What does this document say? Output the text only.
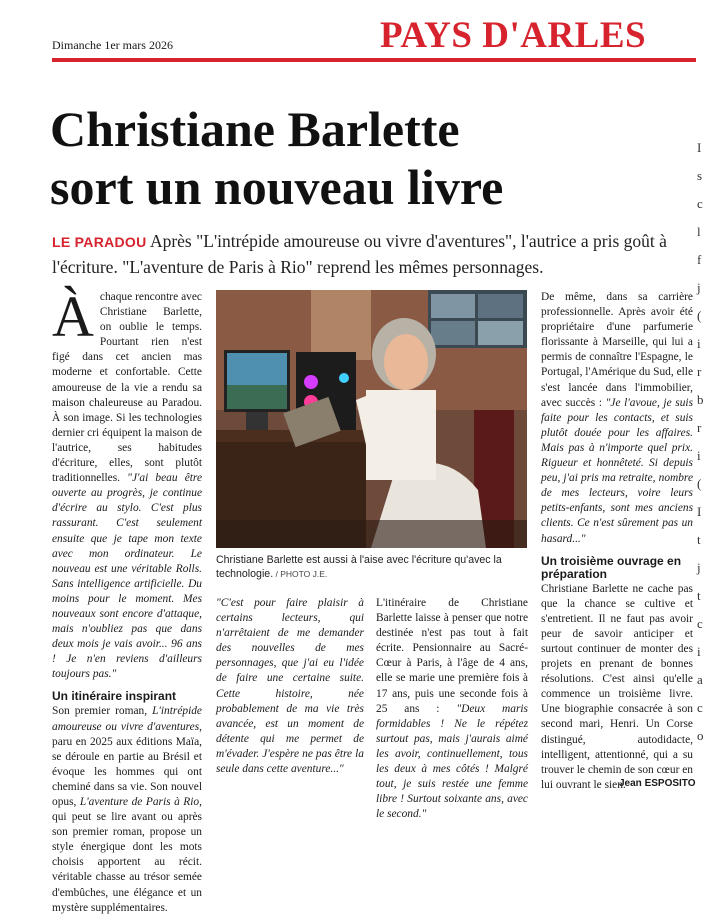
Dimanche 1er mars 2026	PAYS D'ARLES
Christiane Barlette
sort un nouveau livre

LE PARADOU Après "L'intrépide amoureuse ou vivre d'aventures", l'autrice a pris goût à l'écriture. "L'aventure de Paris à Rio" reprend les mêmes personnages.

Àchaque rencontre avec Christiane Barlette, on oublie le temps. Pourtant rien n'est figé dans cet ancien mas moderne et confortable. Cette amoureuse de la vie a rendu sa maison chaleureuse au Paradou. À son image. Si les technologies dernier cri équipent la maison de l'autrice, ses habitudes d'écriture, elles, sont plutôt traditionnelles. "J'ai beau être ouverte au progrès, je continue d'écrire au stylo. C'est plus rassurant. C'est seulement ensuite que je tape mon texte avec mon ordinateur. Le nouveau est une véritable Rolls. Sans intelligence artificielle. Du moins pour le moment. Mes nouveaux sont encore d'attaque, mais n'oubliez pas que dans deux mois je vais avoir... 96 ans ! Je n'en reviens d'ailleurs toujours pas."

Un itinéraire inspirant

Son premier roman, L'intrépide amoureuse ou vivre d'aventures, paru en 2025 aux éditions Maïa, se déroule en partie au Brésil et évoque les hommes qui ont cheminé dans sa vie. Son nouvel opus, L'aventure de Paris à Rio, qui peut se lire avant ou après son premier roman, propose un style énergique dont les mots choisis apportent au récit. véritable chasse au trésor semée d'embûches, une élégance et un mystère supplémentaires.

Christiane Barlette est aussi à l'aise avec l'écriture qu'avec la technologie. / PHOTO J.E.

"C'est pour faire plaisir à certains lecteurs, qui n'arrêtaient de me demander des nouvelles de mes personnages, que j'ai eu l'idée de faire une certaine suite. Cette histoire, née probablement de ma vie très avancée, est un moment de détente qui me permet de m'évader. J'espère ne pas être la seule dans cette aventure..."

L'itinéraire de Christiane Barlette laisse à penser que notre destinée n'est pas tout à fait écrite. Pensionnaire au Sacré-Cœur à Paris, à l'âge de 4 ans, elle se marie une première fois à 17 ans, puis une seconde fois à 25 ans : "Deux maris formidables ! Ne le répétez surtout pas, mais j'aurais aimé les avoir, continuellement, tous les deux à mes côtés ! Malgré tout, je suis restée une femme libre ! Surtout soixante ans, avec le second."

De même, dans sa carrière professionnelle. Après avoir été propriétaire d'une parfumerie florissante à Marseille, qui lui a permis de connaître l'Espagne, le Portugal, l'Amérique du Sud, elle s'est lancée dans l'immobilier, avec succès : "Je l'avoue, je suis faite pour les contacts, et suis plutôt douée pour les affaires. Mais pas à n'importe quel prix. Rigueur et honnêteté. Si depuis peu, j'ai pris ma retraite, nombre de mes lecteurs, voire leurs petits-enfants, sont mes anciens clients. Ce n'est sûrement pas un hasard..."

Un troisième ouvrage en préparation

Christiane Barlette ne cache pas que la chance se cultive et s'entretient. Il ne faut pas avoir peur de savoir anticiper et surtout continuer de monter des projets en prenant de bonnes résolutions. C'est ainsi qu'elle commence un troisième livre. Une biographie consacrée à son second mari, Henri. Un Corse distingué, autodidacte, intelligent, attentionné, qui a su trouver le chemin de son cœur en lui ouvrant le sien.

Jean ESPOSITO
I
s
c
l
f
j
(
i
r
b
r
i
(
I
t
j
t
c
i
a
c
o
